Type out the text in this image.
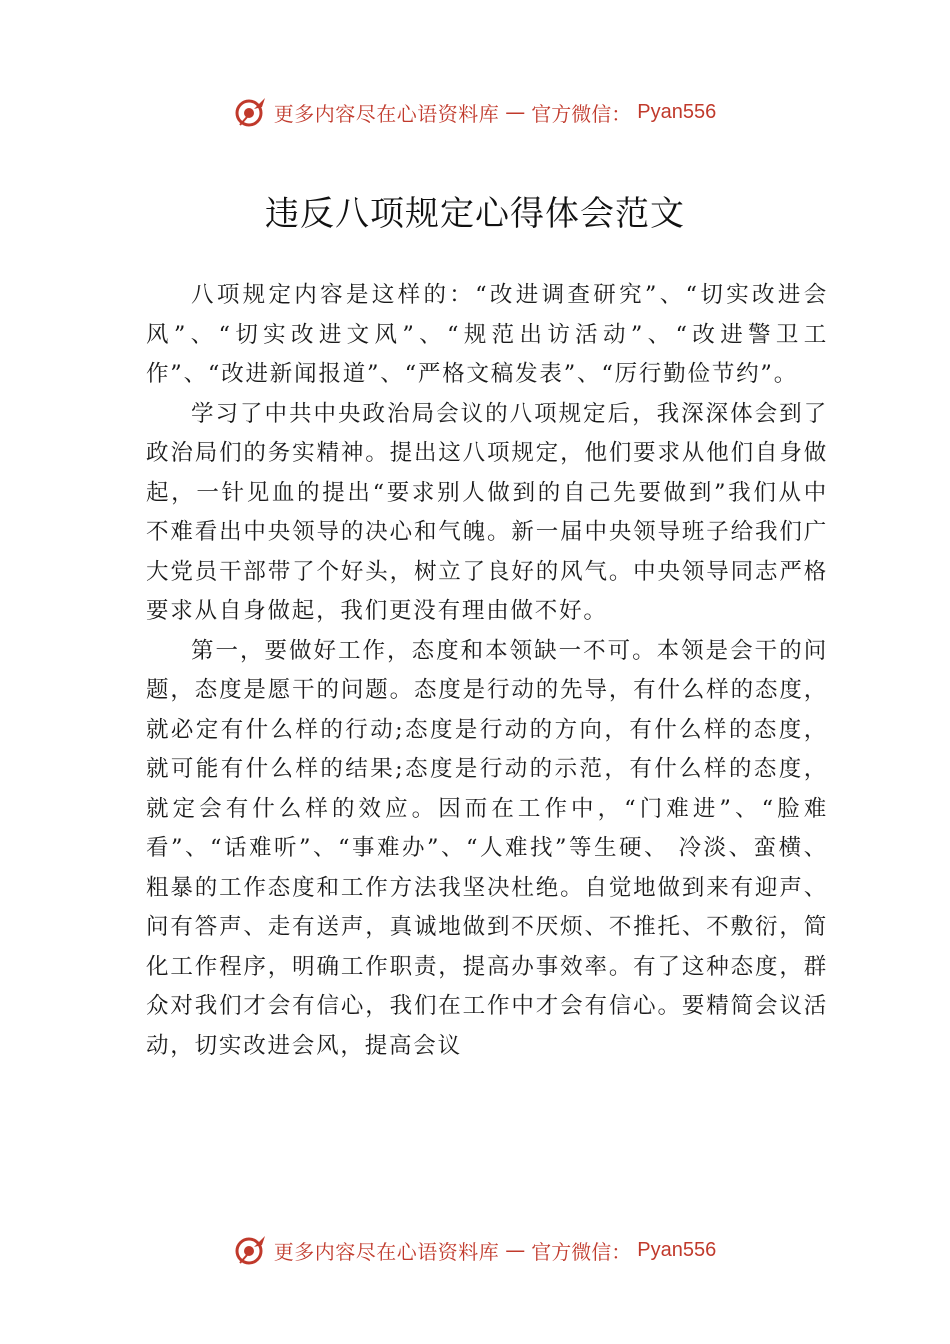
更多内容尽在心语资料库 — 官方微信： Pyan556
违反八项规定心得体会范文

八项规定内容是这样的：“改进调查研究”、“切实改进会风”、“切实改进文风”、“规范出访活动”、“改进警卫工作”、“改进新闻报道”、“严格文稿发表”、“厉行勤俭节约”。

学习了中共中央政治局会议的八项规定后，我深深体会到了政治局们的务实精神。提出这八项规定，他们要求从他们自身做起，一针见血的提出“要求别人做到的自己先要做到”我们从中不难看出中央领导的决心和气魄。新一届中央领导班子给我们广大党员干部带了个好头，树立了良好的风气。中央领导同志严格要求从自身做起，我们更没有理由做不好。

第一，要做好工作，态度和本领缺一不可。本领是会干的问题，态度是愿干的问题。态度是行动的先导，有什么样的态度，就必定有什么样的行动;态度是行动的方向，有什么样的态度，就可能有什么样的结果;态度是行动的示范，有什么样的态度，就定会有什么样的效应。因而在工作中，“门难进”、“脸难看”、“话难听”、“事难办”、“人难找”等生硬、 冷淡、蛮横、粗暴的工作态度和工作方法我坚决杜绝。自觉地做到来有迎声、问有答声、走有送声，真诚地做到不厌烦、不推托、不敷衍，简化工作程序，明确工作职责，提高办事效率。有了这种态度，群众对我们才会有信心，我们在工作中才会有信心。要精简会议活动，切实改进会风，提高会议

更多内容尽在心语资料库 — 官方微信： Pyan556
